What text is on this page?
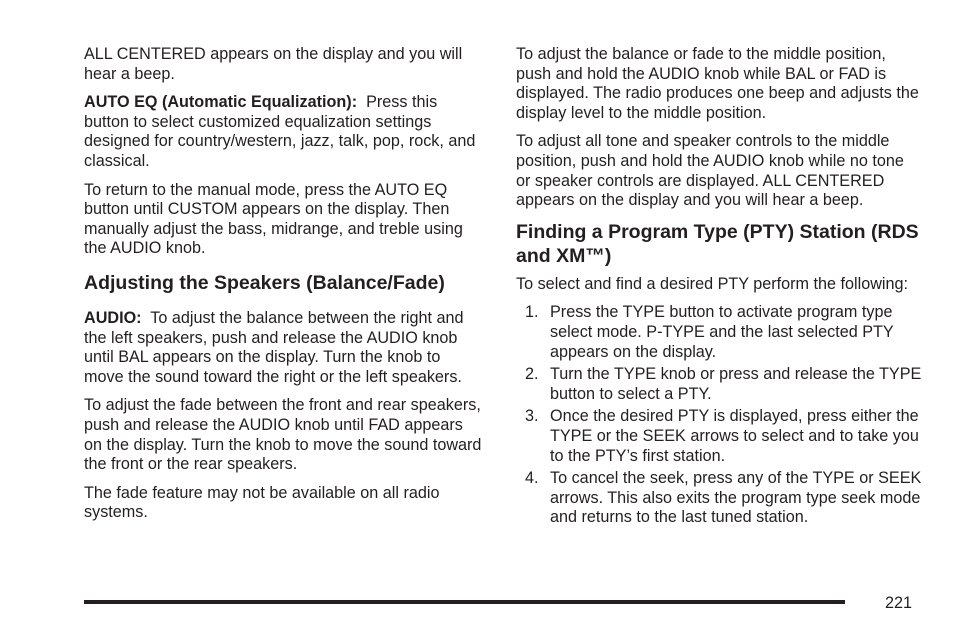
ALL CENTERED appears on the display and you will hear a beep.

AUTO EQ (Automatic Equalization): Press this button to select customized equalization settings designed for country/western, jazz, talk, pop, rock, and classical.

To return to the manual mode, press the AUTO EQ button until CUSTOM appears on the display. Then manually adjust the bass, midrange, and treble using the AUDIO knob.

Adjusting the Speakers (Balance/Fade)

AUDIO: To adjust the balance between the right and the left speakers, push and release the AUDIO knob until BAL appears on the display. Turn the knob to move the sound toward the right or the left speakers.

To adjust the fade between the front and rear speakers, push and release the AUDIO knob until FAD appears on the display. Turn the knob to move the sound toward the front or the rear speakers.

The fade feature may not be available on all radio systems.

To adjust the balance or fade to the middle position, push and hold the AUDIO knob while BAL or FAD is displayed. The radio produces one beep and adjusts the display level to the middle position.

To adjust all tone and speaker controls to the middle position, push and hold the AUDIO knob while no tone or speaker controls are displayed. ALL CENTERED appears on the display and you will hear a beep.

Finding a Program Type (PTY) Station (RDS and XM™)

To select and find a desired PTY perform the following:

1. Press the TYPE button to activate program type select mode. P-TYPE and the last selected PTY appears on the display.
2. Turn the TYPE knob or press and release the TYPE button to select a PTY.
3. Once the desired PTY is displayed, press either the TYPE or the SEEK arrows to select and to take you to the PTY’s first station.
4. To cancel the seek, press any of the TYPE or SEEK arrows. This also exits the program type seek mode and returns to the last tuned station.
221
